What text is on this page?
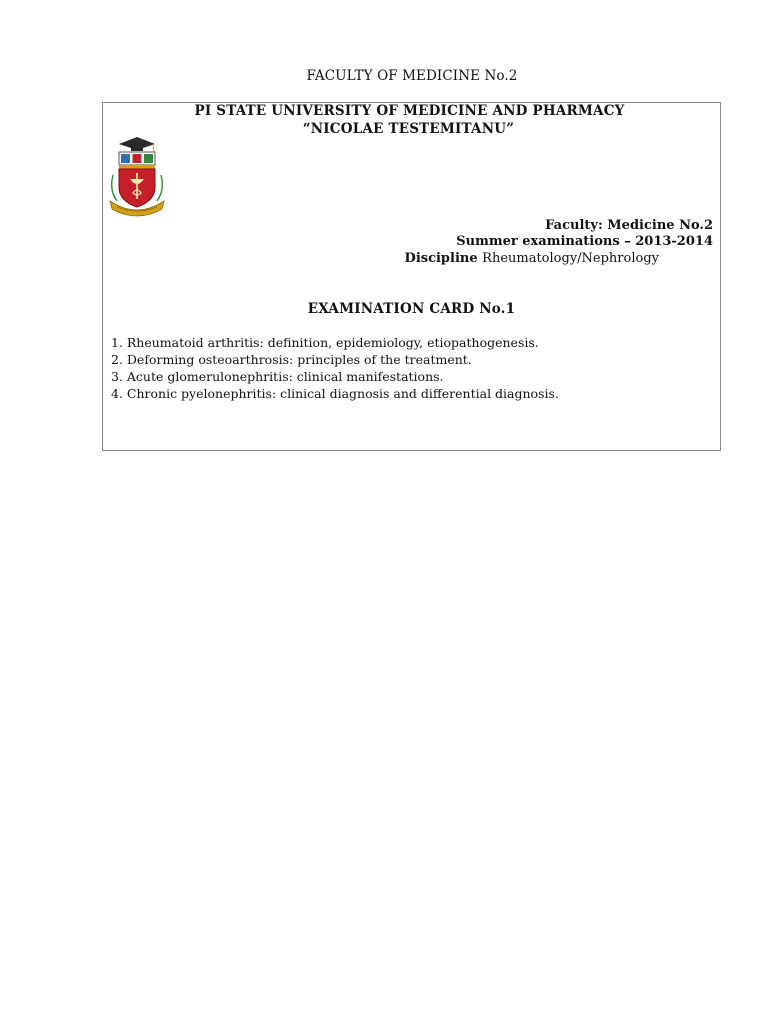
FACULTY OF MEDICINE No.2
PI STATE UNIVERSITY OF MEDICINE AND PHARMACY
“NICOLAE TESTEMITANU”
Faculty: Medicine No.2
Summer examinations – 2013-2014
Discipline Rheumatology/Nephrology
EXAMINATION CARD No.1
1. Rheumatoid arthritis: definition, epidemiology, etiopathogenesis.
2. Deforming osteoarthrosis: principles of the treatment.
3. Acute glomerulonephritis: clinical manifestations.
4. Chronic pyelonephritis: clinical diagnosis and differential diagnosis.
